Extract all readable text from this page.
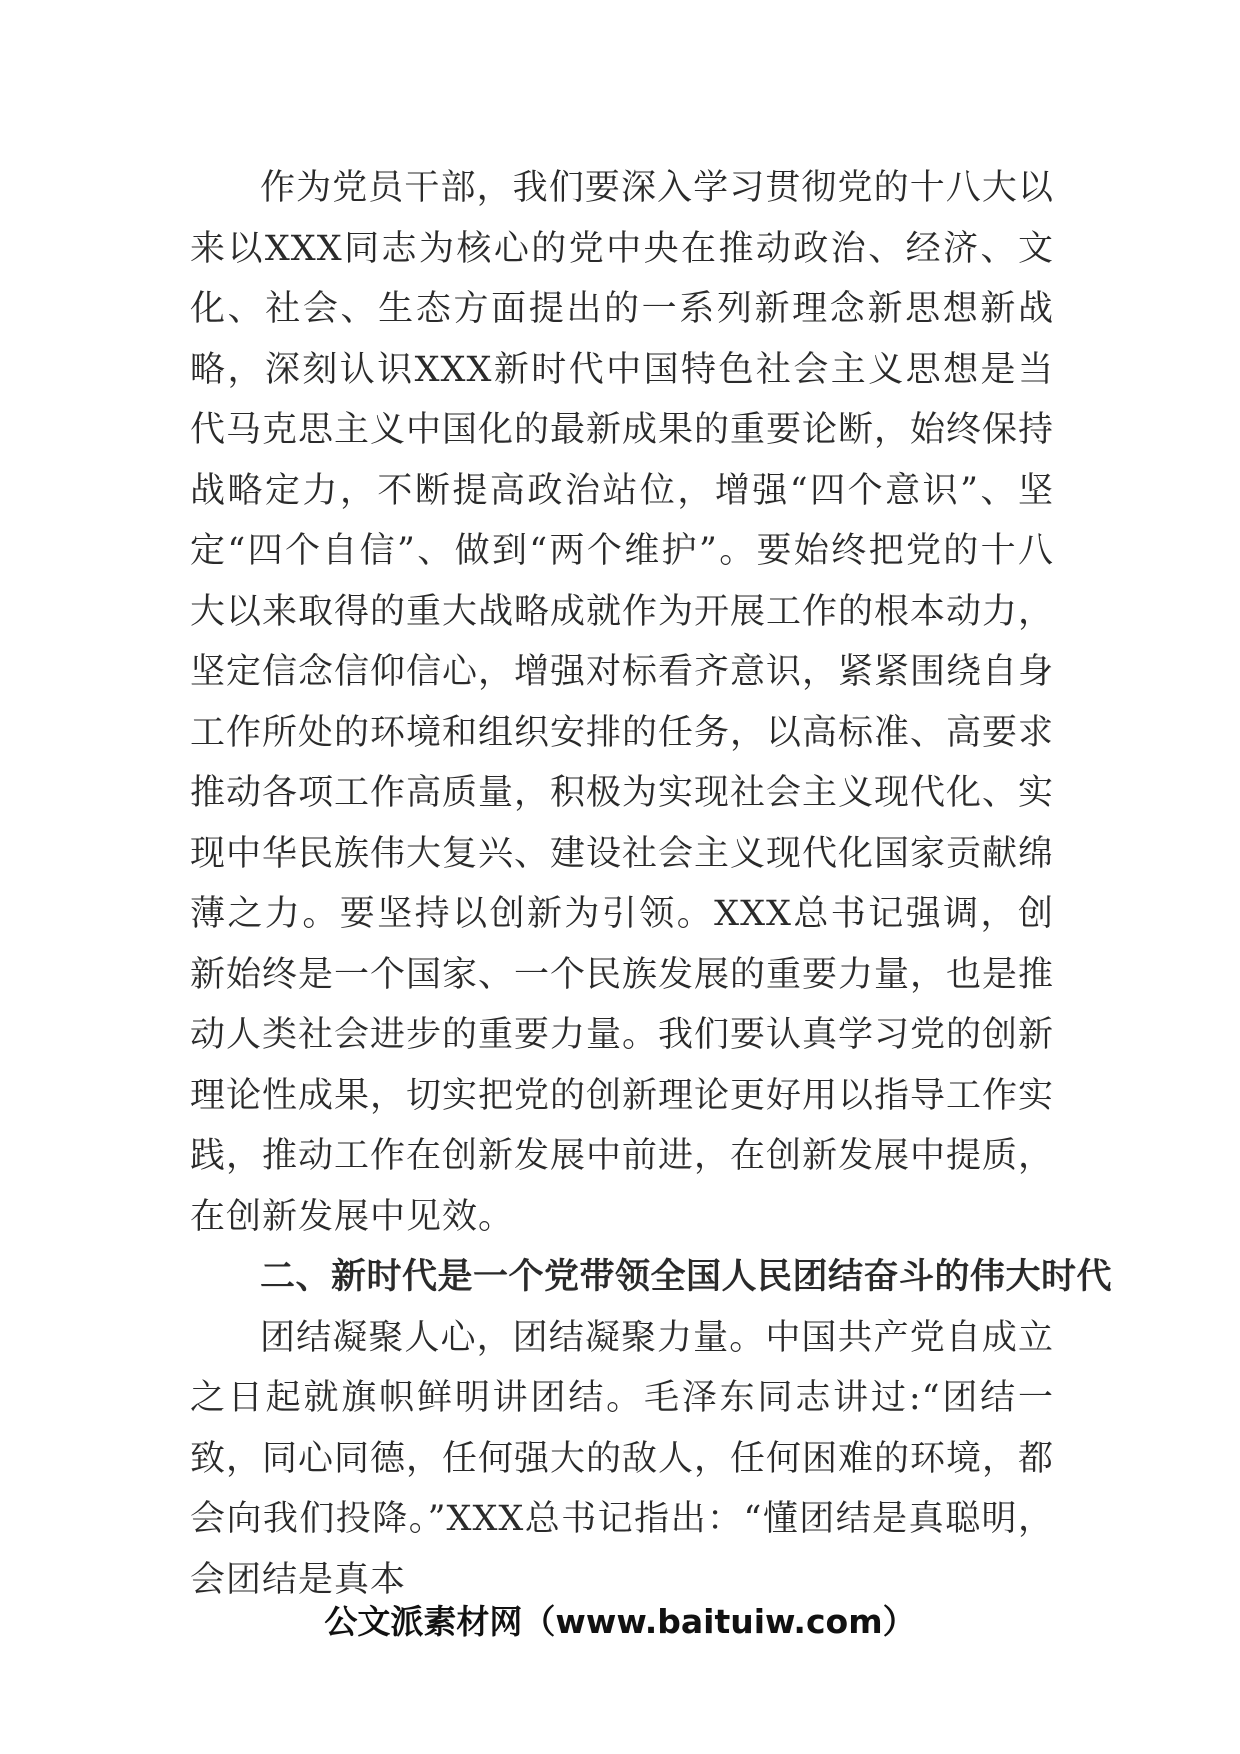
作为党员干部，我们要深入学习贯彻党的十八大以来以XXX同志为核心的党中央在推动政治、经济、文化、社会、生态方面提出的一系列新理念新思想新战略，深刻认识XXX新时代中国特色社会主义思想是当代马克思主义中国化的最新成果的重要论断，始终保持战略定力，不断提高政治站位，增强“四个意识”、坚定“四个自信”、做到“两个维护”。要始终把党的十八大以来取得的重大战略成就作为开展工作的根本动力，坚定信念信仰信心，增强对标看齐意识，紧紧围绕自身工作所处的环境和组织安排的任务，以高标准、高要求推动各项工作高质量，积极为实现社会主义现代化、实现中华民族伟大复兴、建设社会主义现代化国家贡献绵薄之力。要坚持以创新为引领。XXX总书记强调，创新始终是一个国家、一个民族发展的重要力量，也是推动人类社会进步的重要力量。我们要认真学习党的创新理论性成果，切实把党的创新理论更好用以指导工作实践，推动工作在创新发展中前进，在创新发展中提质，在创新发展中见效。

二、新时代是一个党带领全国人民团结奋斗的伟大时代

团结凝聚人心，团结凝聚力量。中国共产党自成立之日起就旗帜鲜明讲团结。毛泽东同志讲过:“团结一致，同心同德，任何强大的敌人，任何困难的环境，都会向我们投降。”XXX总书记指出：“懂团结是真聪明，会团结是真本

公文派素材网（www.baituiw.com）
